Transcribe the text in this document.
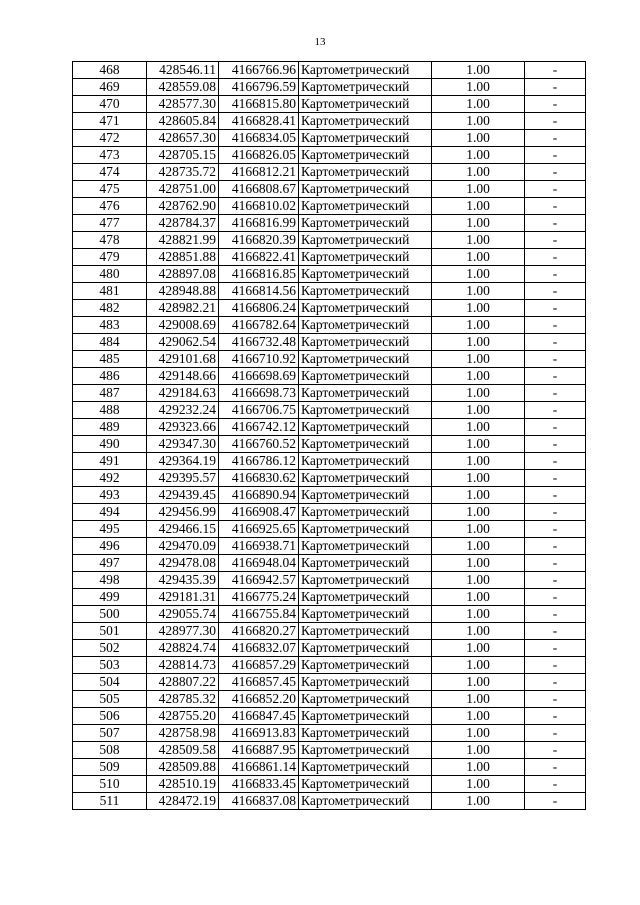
13
468	428546.11	4166766.96	Картометрический	1.00	-
469	428559.08	4166796.59	Картометрический	1.00	-
470	428577.30	4166815.80	Картометрический	1.00	-
471	428605.84	4166828.41	Картометрический	1.00	-
472	428657.30	4166834.05	Картометрический	1.00	-
473	428705.15	4166826.05	Картометрический	1.00	-
474	428735.72	4166812.21	Картометрический	1.00	-
475	428751.00	4166808.67	Картометрический	1.00	-
476	428762.90	4166810.02	Картометрический	1.00	-
477	428784.37	4166816.99	Картометрический	1.00	-
478	428821.99	4166820.39	Картометрический	1.00	-
479	428851.88	4166822.41	Картометрический	1.00	-
480	428897.08	4166816.85	Картометрический	1.00	-
481	428948.88	4166814.56	Картометрический	1.00	-
482	428982.21	4166806.24	Картометрический	1.00	-
483	429008.69	4166782.64	Картометрический	1.00	-
484	429062.54	4166732.48	Картометрический	1.00	-
485	429101.68	4166710.92	Картометрический	1.00	-
486	429148.66	4166698.69	Картометрический	1.00	-
487	429184.63	4166698.73	Картометрический	1.00	-
488	429232.24	4166706.75	Картометрический	1.00	-
489	429323.66	4166742.12	Картометрический	1.00	-
490	429347.30	4166760.52	Картометрический	1.00	-
491	429364.19	4166786.12	Картометрический	1.00	-
492	429395.57	4166830.62	Картометрический	1.00	-
493	429439.45	4166890.94	Картометрический	1.00	-
494	429456.99	4166908.47	Картометрический	1.00	-
495	429466.15	4166925.65	Картометрический	1.00	-
496	429470.09	4166938.71	Картометрический	1.00	-
497	429478.08	4166948.04	Картометрический	1.00	-
498	429435.39	4166942.57	Картометрический	1.00	-
499	429181.31	4166775.24	Картометрический	1.00	-
500	429055.74	4166755.84	Картометрический	1.00	-
501	428977.30	4166820.27	Картометрический	1.00	-
502	428824.74	4166832.07	Картометрический	1.00	-
503	428814.73	4166857.29	Картометрический	1.00	-
504	428807.22	4166857.45	Картометрический	1.00	-
505	428785.32	4166852.20	Картометрический	1.00	-
506	428755.20	4166847.45	Картометрический	1.00	-
507	428758.98	4166913.83	Картометрический	1.00	-
508	428509.58	4166887.95	Картометрический	1.00	-
509	428509.88	4166861.14	Картометрический	1.00	-
510	428510.19	4166833.45	Картометрический	1.00	-
511	428472.19	4166837.08	Картометрический	1.00	-
